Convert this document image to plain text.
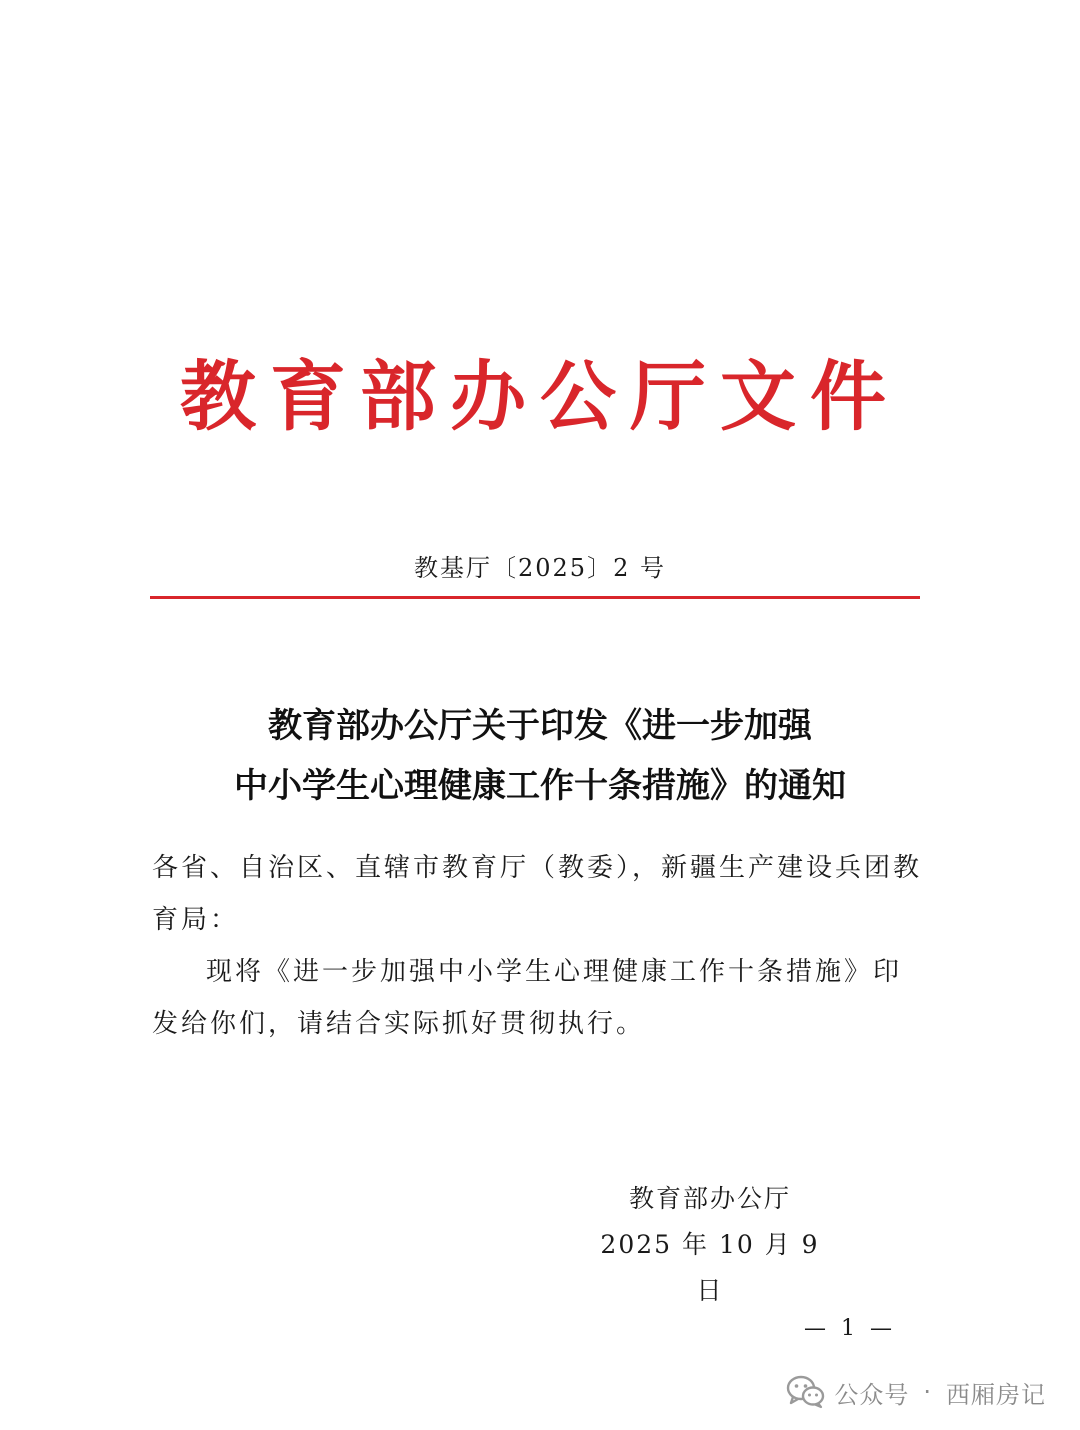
教育部办公厅文件
教基厅〔2025〕2 号
教育部办公厅关于印发《进一步加强
中小学生心理健康工作十条措施》的通知
各省、自治区、直辖市教育厅（教委），新疆生产建设兵团教育局：
现将《进一步加强中小学生心理健康工作十条措施》印发给你们，请结合实际抓好贯彻执行。
教育部办公厅
2025 年 10 月 9 日
— 1 —
公众号 · 西厢房记
